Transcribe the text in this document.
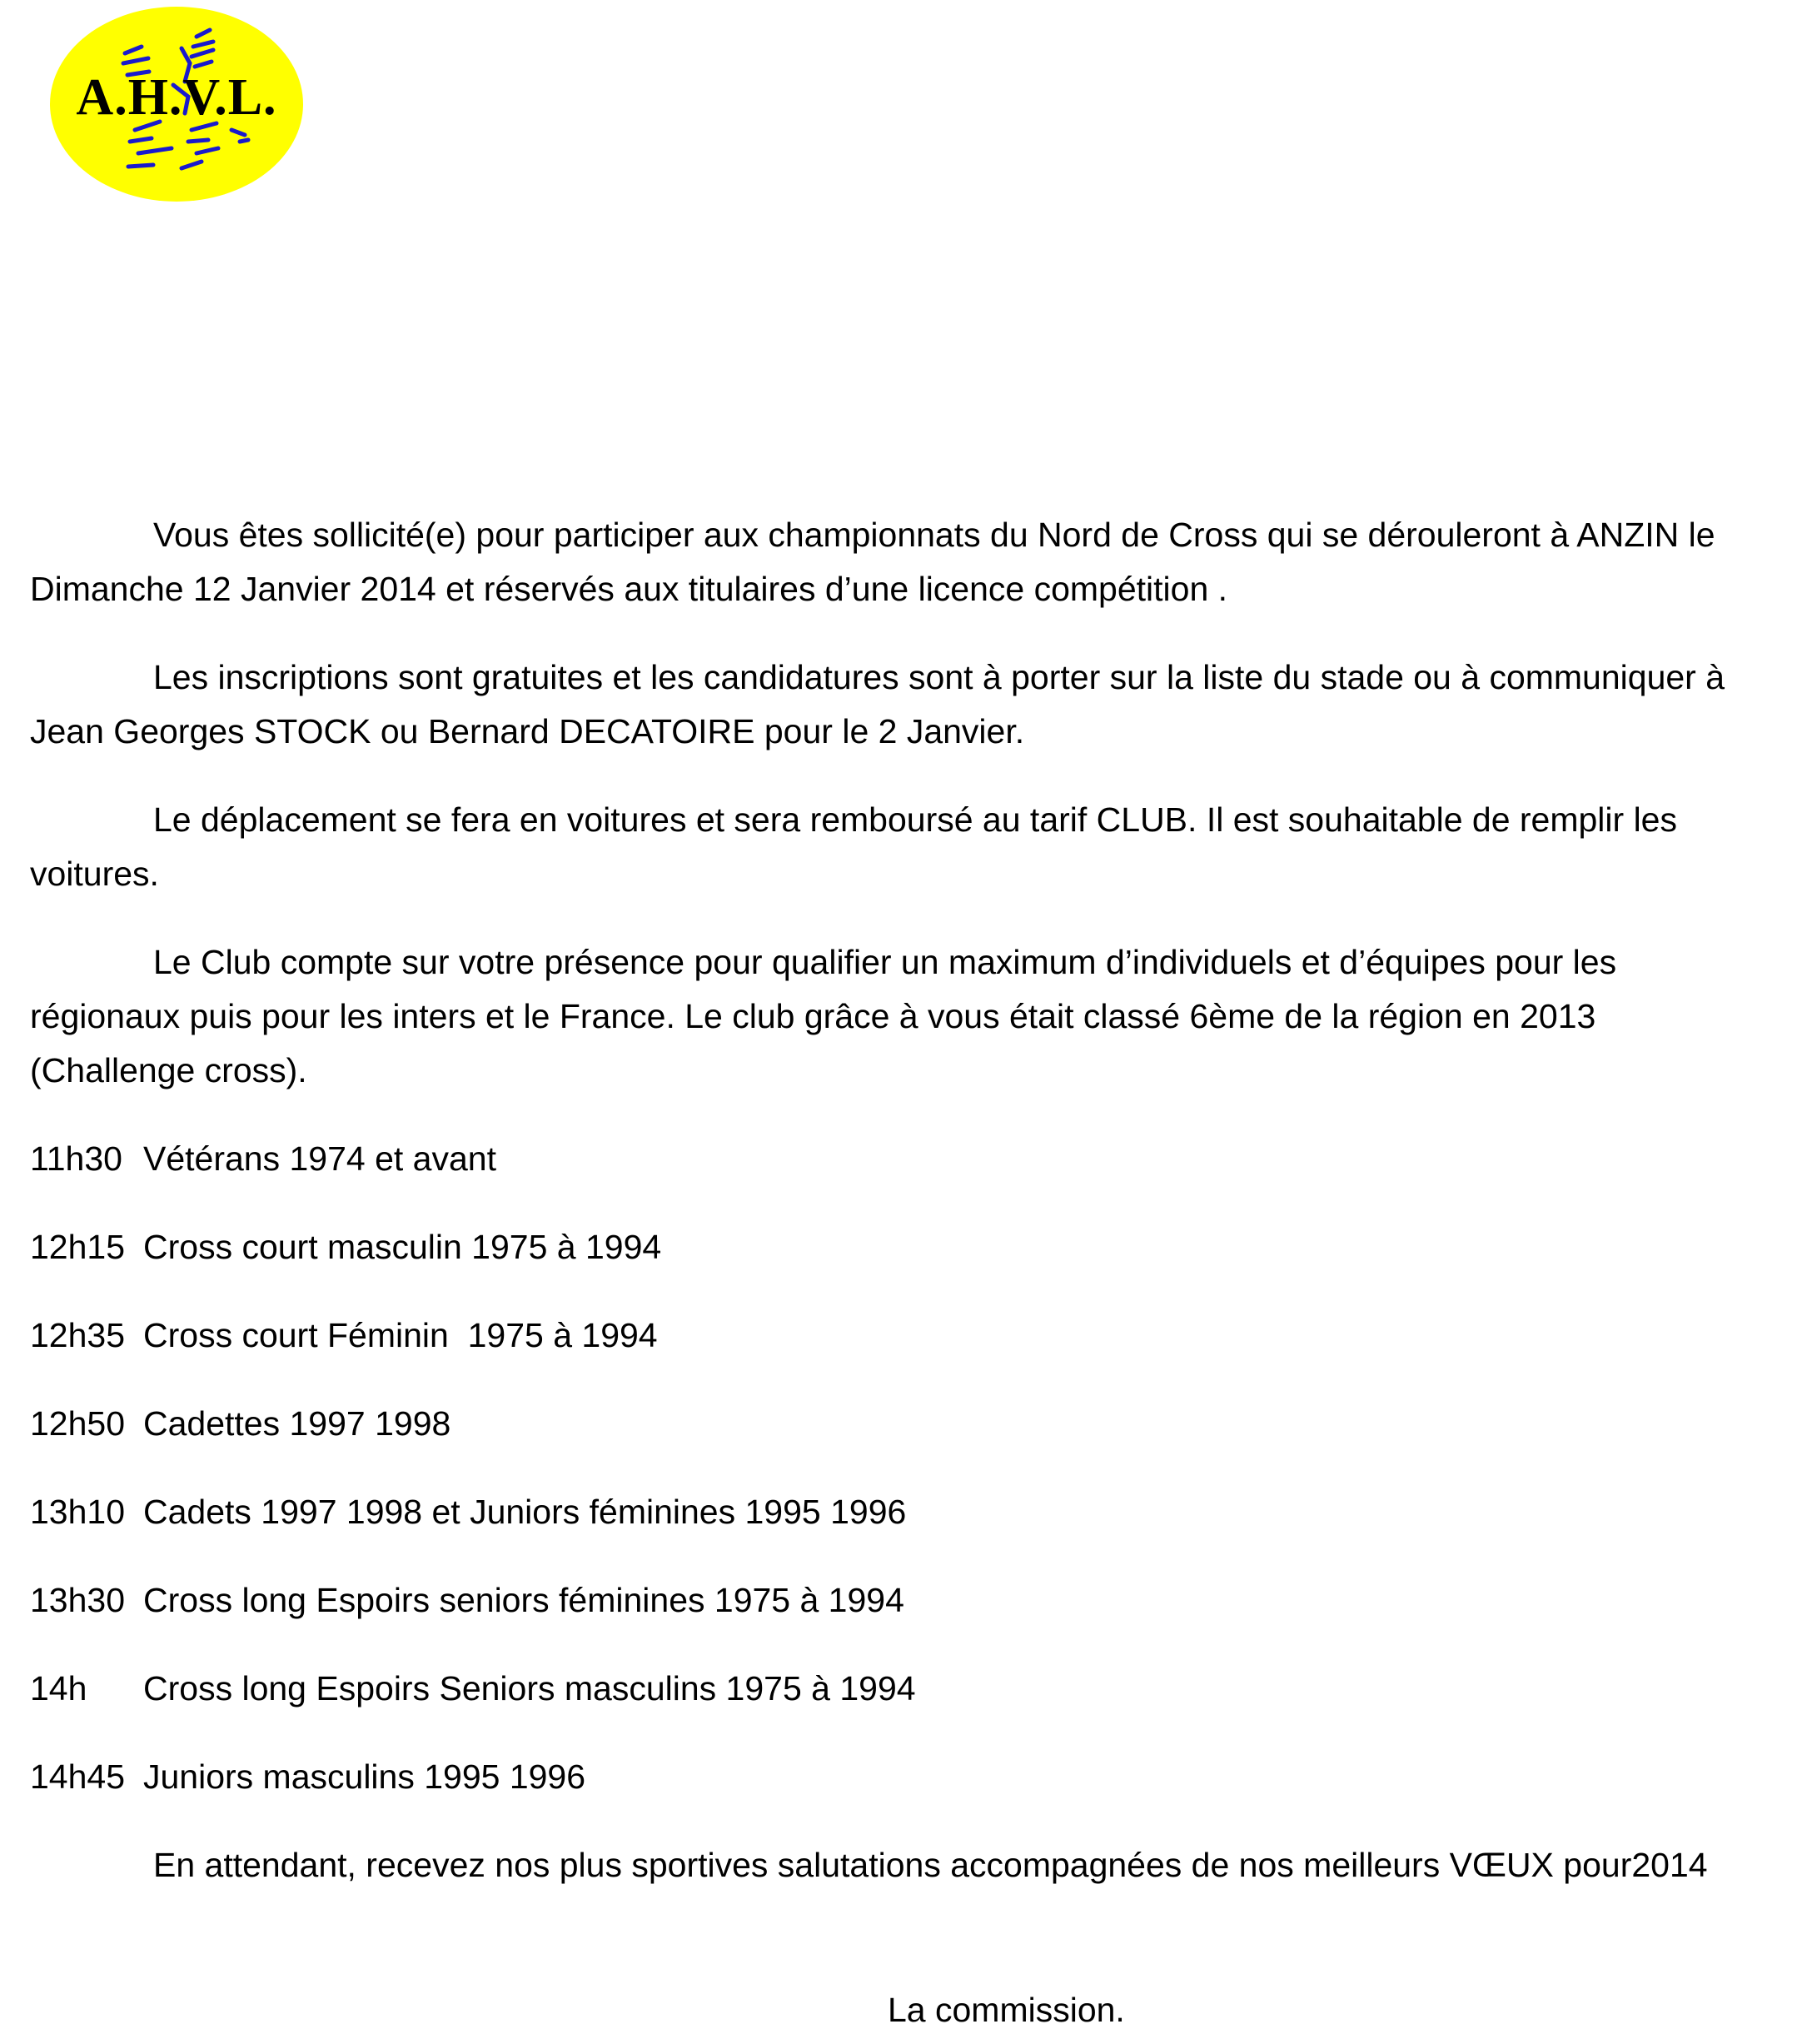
A.H.V.L.

Vous êtes sollicité(e) pour participer aux championnats du Nord de Cross qui se dérouleront à ANZIN le Dimanche 12 Janvier 2014 et réservés aux titulaires d’une licence compétition .

Les inscriptions sont gratuites et les candidatures sont à porter sur la liste du stade ou à communiquer à Jean Georges STOCK ou Bernard DECATOIRE pour le 2 Janvier.

Le déplacement se fera en voitures et sera remboursé au tarif CLUB. Il est souhaitable de remplir les voitures.

Le Club compte sur votre présence pour qualifier un maximum d’individuels et d’équipes pour les régionaux puis pour les inters et le France. Le club grâce à vous était classé 6ème de la région en 2013 (Challenge cross).

11h30 Vétérans 1974 et avant
12h15 Cross court masculin 1975 à 1994
12h35 Cross court Féminin  1975 à 1994
12h50 Cadettes 1997 1998
13h10 Cadets 1997 1998 et Juniors féminines 1995 1996
13h30 Cross long Espoirs seniors féminines 1975 à 1994
14h Cross long Espoirs Seniors masculins 1975 à 1994
14h45 Juniors masculins 1995 1996

En attendant, recevez nos plus sportives salutations accompagnées de nos meilleurs VŒUX pour2014

La commission.
